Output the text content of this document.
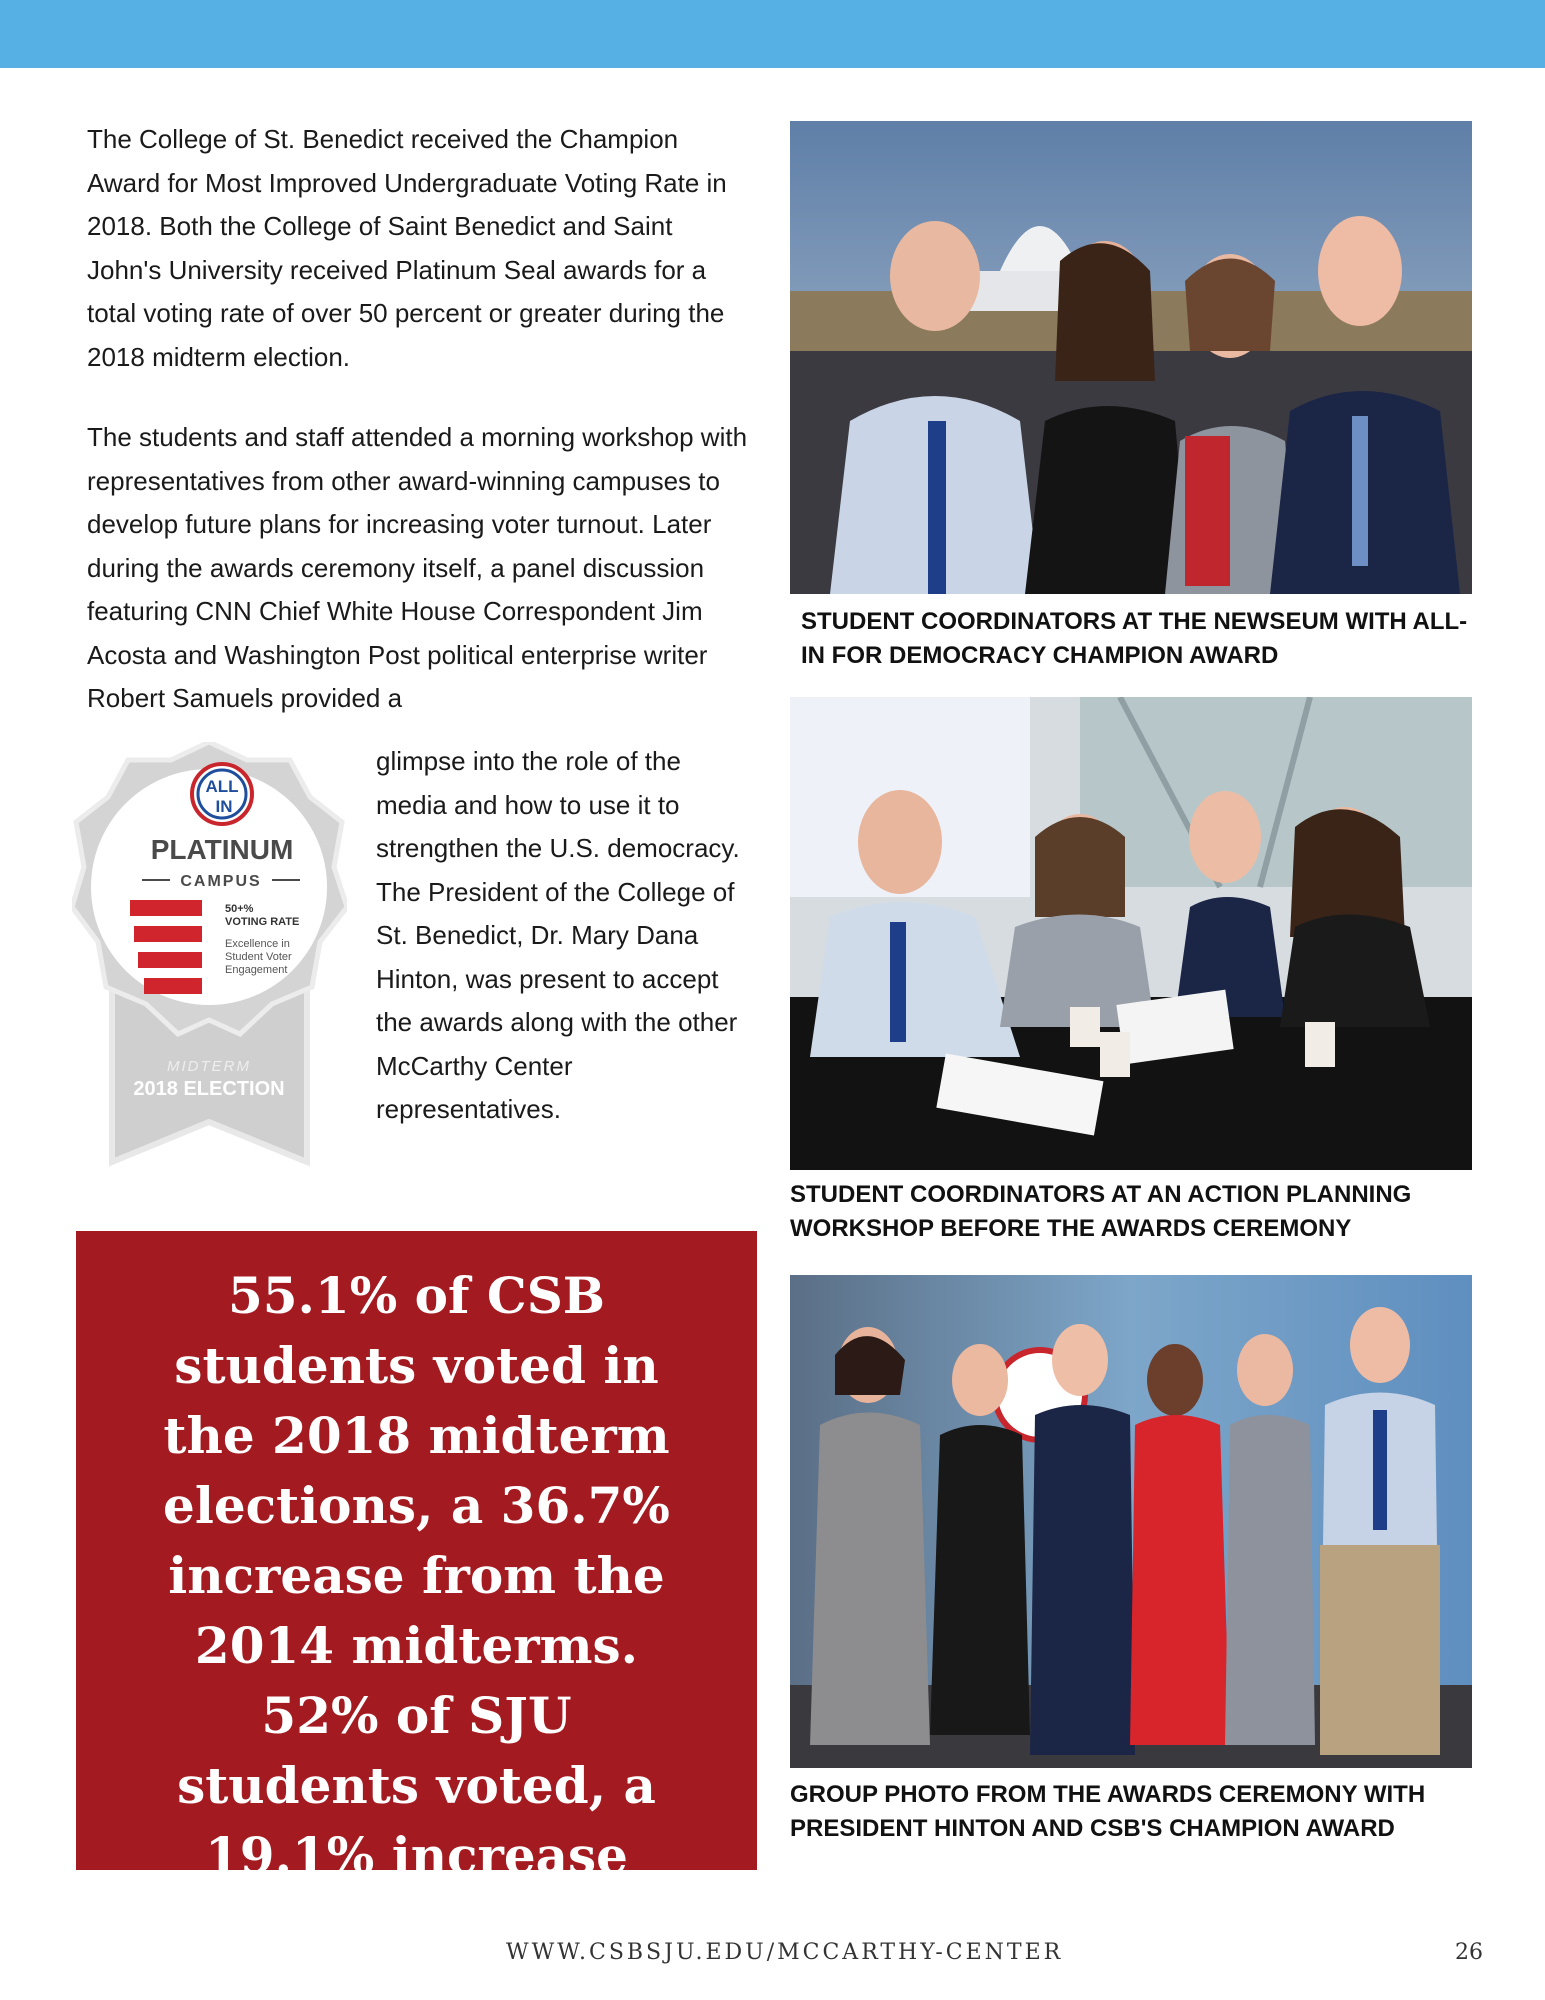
The College of St. Benedict received the Champion Award for Most Improved Undergraduate Voting Rate in 2018. Both the College of Saint Benedict and Saint John's University received Platinum Seal awards for a total voting rate of over 50 percent or greater during the 2018 midterm election.

The students and staff attended a morning workshop with representatives from other award-winning campuses to develop future plans for increasing voter turnout. Later during the awards ceremony itself, a panel discussion featuring CNN Chief White House Correspondent Jim Acosta and Washington Post political enterprise writer Robert Samuels provided a

ALL
IN
PLATINUM
CAMPUS
50+%
VOTING RATE
Excellence in
Student Voter
Engagement
MIDTERM
2018 ELECTION

glimpse into the role of the media and how to use it to strengthen the U.S. democracy. The President of the College of St. Benedict, Dr. Mary Dana Hinton, was present to accept the awards along with the other McCarthy Center representatives.

55.1% of CSB students voted in the 2018 midterm elections, a 36.7% increase from the 2014 midterms. 52% of SJU students voted, a 19.1% increase from 2014.

STUDENT COORDINATORS AT THE NEWSEUM WITH ALL-IN FOR DEMOCRACY CHAMPION AWARD
STUDENT COORDINATORS AT AN ACTION PLANNING WORKSHOP BEFORE THE AWARDS CEREMONY
GROUP PHOTO FROM THE AWARDS CEREMONY WITH PRESIDENT HINTON AND CSB'S CHAMPION AWARD
WWW.CSBSJU.EDU/MCCARTHY-CENTER	26
